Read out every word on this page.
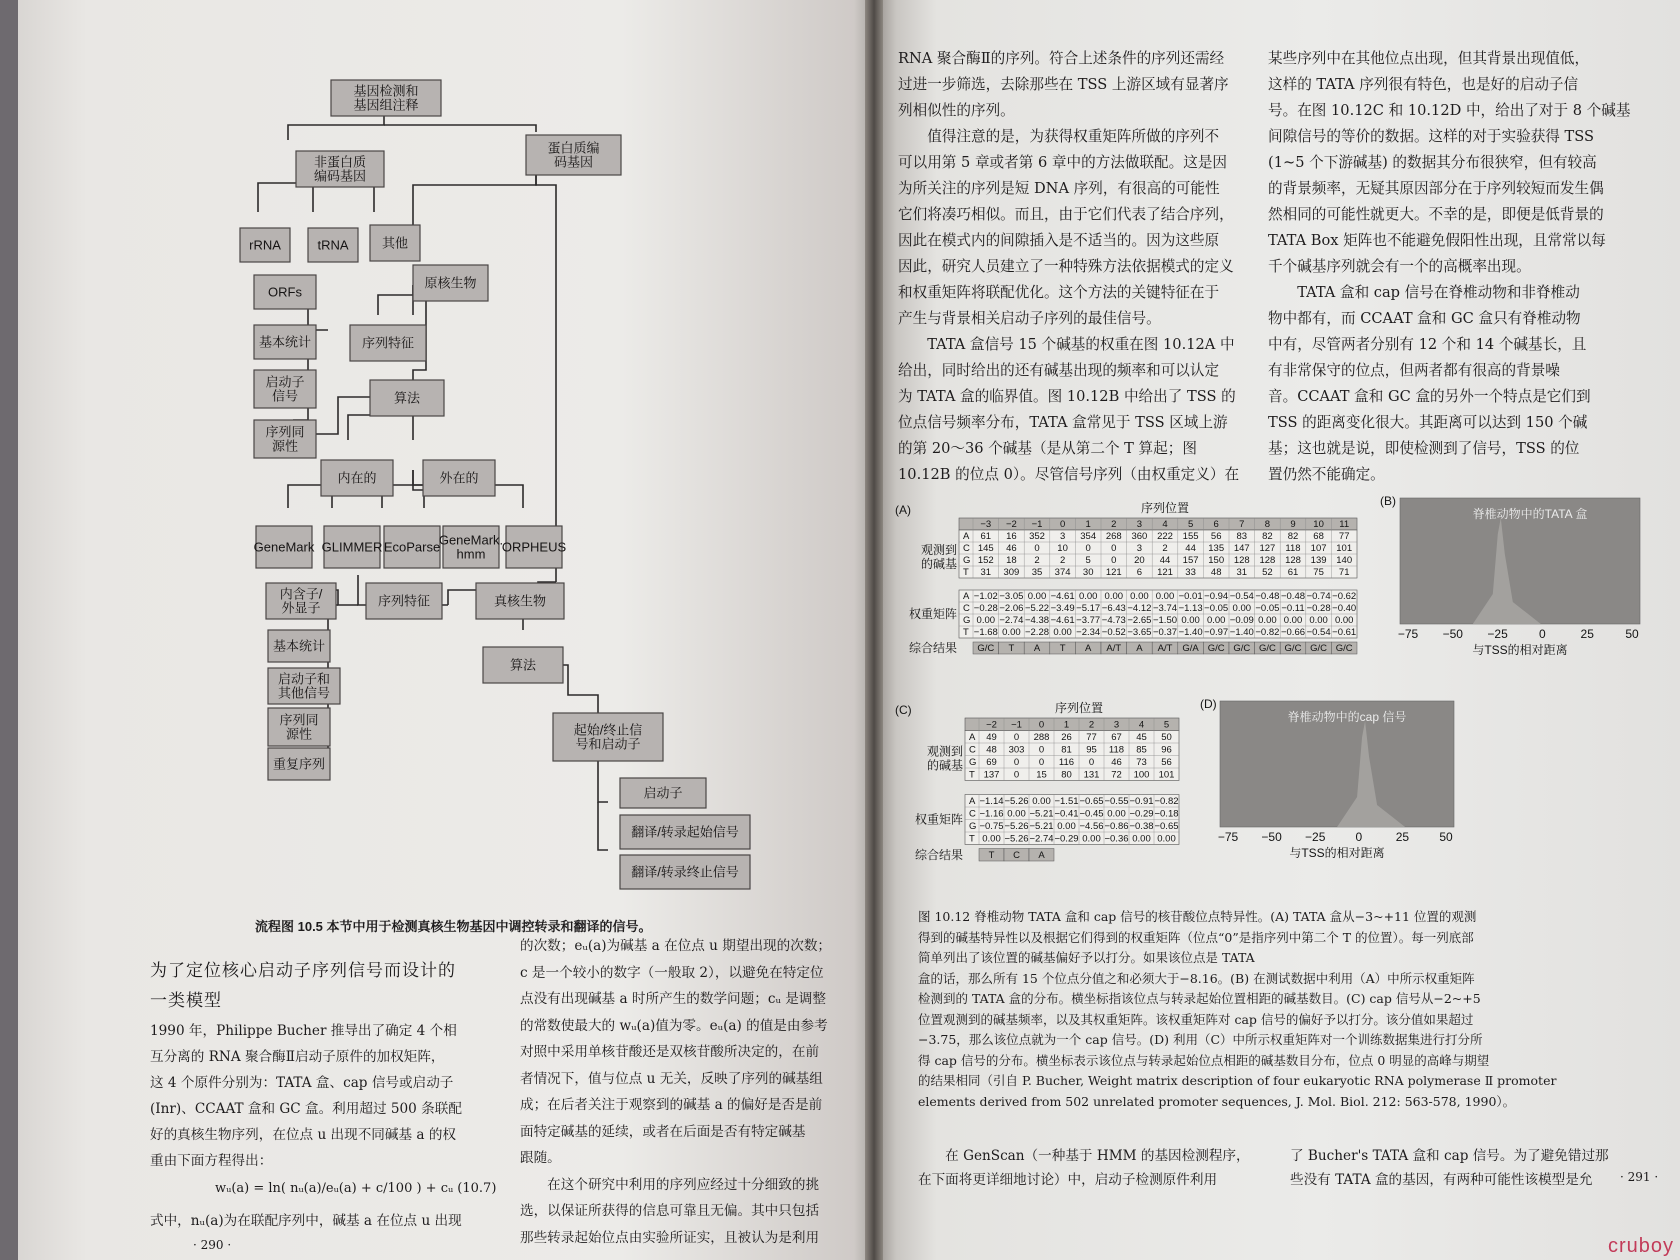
基因检测和
基因组注释
非蛋白质
编码基因
蛋白质编
码基因
rRNA	tRNA	其他
原核生物
ORFs
基本统计	序列特征
启动子
信号	算法
序列同
源性
内在的	外在的
GeneMark GLIMMER EcoParse
GeneMark.
hmm ORPHEUS
内含子/
外显子	序列特征	真核生物
基本统计
启动子和
其他信号
序列同
源性
重复序列
算法
起始/终止信
号和启动子
启动子
翻译/转录起始信号
翻译/转录终止信号
流程图 10.5 本节中用于检测真核生物基因中调控转录和翻译的信号。
为了定位核心启动子序列信号而设计的一类模型
1990 年，Philippe Bucher 推导出了确定 4 个相
互分离的 RNA 聚合酶Ⅱ启动子原件的加权矩阵，
这 4 个原件分别为：TATA 盒、cap 信号或启动子
(Inr)、CCAAT 盒和 GC 盒。利用超过 500 条联配
好的真核生物序列，在位点 u 出现不同碱基 a 的权
重由下面方程得出：
wᵤ(a) = ln( nᵤ(a)/eᵤ(a) + c/100 ) + cᵤ (10.7)
式中，nᵤ(a)为在联配序列中，碱基 a 在位点 u 出现
的次数；eᵤ(a)为碱基 a 在位点 u 期望出现的次数；
c 是一个较小的数字（一般取 2），以避免在特定位
点没有出现碱基 a 时所产生的数学问题；cᵤ 是调整
的常数使最大的 wᵤ(a)值为零。eᵤ(a) 的值是由参考
对照中采用单核苷酸还是双核苷酸所决定的，在前
者情况下，值与位点 u 无关，反映了序列的碱基组
成；在后者关注于观察到的碱基 a 的偏好是否是前
面特定碱基的延续，或者在后面是否有特定碱基
跟随。
　　在这个研究中利用的序列应经过十分细致的挑
选，以保证所获得的信息可靠且无偏。其中只包括
那些转录起始位点由实验所证实，且被认为是利用
· 290 ·
RNA 聚合酶Ⅱ的序列。符合上述条件的序列还需经
过进一步筛选，去除那些在 TSS 上游区域有显著序
列相似性的序列。
　　值得注意的是，为获得权重矩阵所做的序列不
可以用第 5 章或者第 6 章中的方法做联配。这是因
为所关注的序列是短 DNA 序列，有很高的可能性
它们将凑巧相似。而且，由于它们代表了结合序列，
因此在模式内的间隙插入是不适当的。因为这些原
因此，研究人员建立了一种特殊方法依据模式的定义
和权重矩阵将联配优化。这个方法的关键特征在于
产生与背景相关启动子序列的最佳信号。
　　TATA 盒信号 15 个碱基的权重在图 10.12A 中
给出，同时给出的还有碱基出现的频率和可以认定
为 TATA 盒的临界值。图 10.12B 中给出了 TSS 的
位点信号频率分布，TATA 盒常见于 TSS 区域上游
的第 20～36 个碱基（是从第二个 T 算起；图
10.12B 的位点 0）。尽管信号序列（由权重定义）在
某些序列中在其他位点出现，但其背景出现值低，
这样的 TATA 序列很有特色，也是好的启动子信
号。在图 10.12C 和 10.12D 中，给出了对于 8 个碱基
间隙信号的等价的数据。这样的对于实验获得 TSS
(1~5 个下游碱基) 的数据其分布很狭窄，但有较高
的背景频率，无疑其原因部分在于序列较短而发生偶
然相同的可能性就更大。不幸的是，即便是低背景的
TATA Box 矩阵也不能避免假阳性出现，且常常以每
千个碱基序列就会有一个的高概率出现。
　　TATA 盒和 cap 信号在脊椎动物和非脊椎动
物中都有，而 CCAAT 盒和 GC 盒只有脊椎动物
中有，尽管两者分别有 12 个和 14 个碱基长，且
有非常保守的位点，但两者都有很高的背景噪
音。CCAAT 盒和 GC 盒的另外一个特点是它们到
TSS 的距离变化很大。其距离可以达到 150 个碱
基；这也就是说，即使检测到了信号，TSS 的位
置仍然不能确定。
(A)	序列位置
−3 −2 −1 0 1 2 3 4 5 6 7 8 9 10 11
A 61 16 352 3 354 268 360 222 155 56 83 82 82 68 77
C 145 46 0 10 0 0 3 2 44 135 147 127 118 107 101
G 152 18 2 2 5 0 20 44 157 150 128 128 128 139 140
T 31 309 35 374 30 121 6 121 33 48 31 52 61 75 71
观测到
的碱基
A −1.02 −3.05 0.00 −4.61 0.00 0.00 0.00 0.00 −0.01 −0.94 −0.54 −0.48 −0.48 −0.74 −0.62
C −0.28 −2.06 −5.22 −3.49 −5.17 −6.43 −4.12 −3.74 −1.13 −0.05 0.00 −0.05 −0.11 −0.28 −0.40
G 0.00 −2.74 −4.38 −4.61 −3.77 −4.73 −2.65 −1.50 0.00 0.00 −0.09 0.00 0.00 0.00 0.00
T −1.68 0.00 −2.28 0.00 −2.34 −0.52 −3.65 −0.37 −1.40 −0.97 −1.40 −0.82 −0.66 −0.54 −0.61
权重矩阵
G/C T A T A A/T A A/T G/A G/C G/C G/C G/C G/C G/C
综合结果
(B)
脊椎动物中的TATA 盒
−75 −50 −25	0	25	50
与TSS的相对距离
(C)	序列位置
−2 −1 0 1 2 3 4 5
A 49 0 288 26 77 67 45 50
C 48 303 0 81 95 118 85 96
G 69 0 0 116 0 46 73 56
T 137 0 15 80 131 72 100 101
观测到
的碱基
A −1.14 −5.26 0.00 −1.51 −0.65 −0.55 −0.91 −0.82
C −1.16 0.00 −5.21 −0.41 −0.45 0.00 −0.29 −0.18
G −0.75 −5.26 −5.21 0.00 −4.56 −0.86 −0.38 −0.65
T 0.00 −5.26 −2.74 −0.29 0.00 −0.36 0.00 0.00
权重矩阵
T C A
综合结果
(D)
脊椎动物中的cap 信号
−75 −50 −25	0	25	50
与TSS的相对距离
图 10.12 脊椎动物 TATA 盒和 cap 信号的核苷酸位点特异性。(A) TATA 盒从−3~+11 位置的观测
得到的碱基特异性以及根据它们得到的权重矩阵（位点“0”是指序列中第二个 T 的位置）。每一列底部
简单列出了该位置的碱基偏好予以打分。如果该位点是 TATA
盒的话，那么所有 15 个位点分值之和必须大于−8.16。(B) 在测试数据中利用（A）中所示权重矩阵
检测到的 TATA 盒的分布。横坐标指该位点与转录起始位置相距的碱基数目。(C) cap 信号从−2~+5
位置观测到的碱基频率，以及其权重矩阵。该权重矩阵对 cap 信号的偏好予以打分。该分值如果超过
−3.75，那么该位点就为一个 cap 信号。(D) 利用（C）中所示权重矩阵对一个训练数据集进行打分所
得 cap 信号的分布。横坐标表示该位点与转录起始位点相距的碱基数目分布，位点 0 明显的高峰与期望
的结果相同（引自 P. Bucher, Weight matrix description of four eukaryotic RNA polymerase Ⅱ promoter
elements derived from 502 unrelated promoter sequences, J. Mol. Biol. 212: 563-578, 1990）。
　　在 GenScan（一种基于 HMM 的基因检测程序，
在下面将更详细地讨论）中，启动子检测原件利用
了 Bucher's TATA 盒和 cap 信号。为了避免错过那
些没有 TATA 盒的基因，有两种可能性该模型是允	· 291 ·
cruboy
